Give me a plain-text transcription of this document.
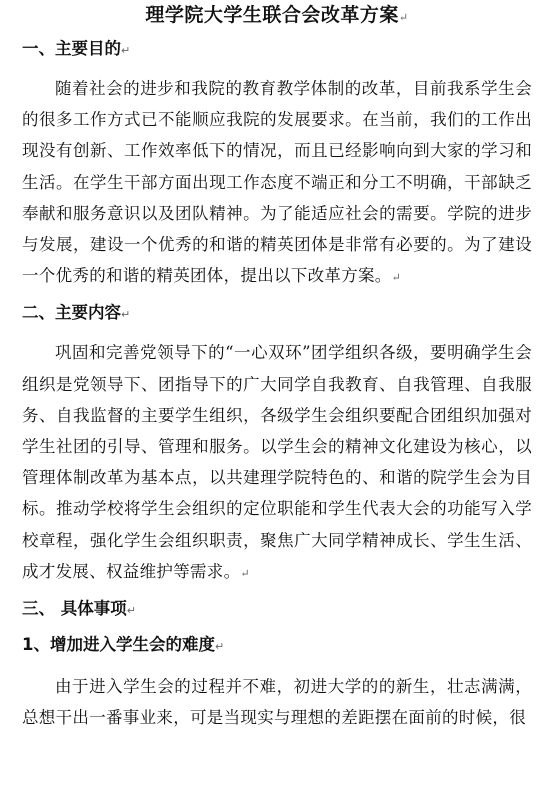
理学院大学生联合会改革方案↵
一、主要目的↵

随着社会的进步和我院的教育教学体制的改革，目前我系学生会的很多工作方式已不能顺应我院的发展要求。在当前，我们的工作出现没有创新、工作效率低下的情况，而且已经影响向到大家的学习和生活。在学生干部方面出现工作态度不端正和分工不明确，干部缺乏奉献和服务意识以及团队精神。为了能适应社会的需要。学院的进步与发展，建设一个优秀的和谐的精英团体是非常有必要的。为了建设一个优秀的和谐的精英团体，提出以下改革方案。↵

二、主要内容↵

巩固和完善党领导下的“一心双环”团学组织各级，要明确学生会组织是党领导下、团指导下的广大同学自我教育、自我管理、自我服务、自我监督的主要学生组织，各级学生会组织要配合团组织加强对学生社团的引导、管理和服务。以学生会的精神文化建设为核心，以管理体制改革为基本点，以共建理学院特色的、和谐的院学生会为目标。推动学校将学生会组织的定位职能和学生代表大会的功能写入学校章程，强化学生会组织职责，聚焦广大同学精神成长、学生生活、成才发展、权益维护等需求。↵

三、 具体事项↵
1、增加进入学生会的难度↵

由于进入学生会的过程并不难，初进大学的的新生，壮志满满，总想干出一番事业来，可是当现实与理想的差距摆在面前的时候，很
